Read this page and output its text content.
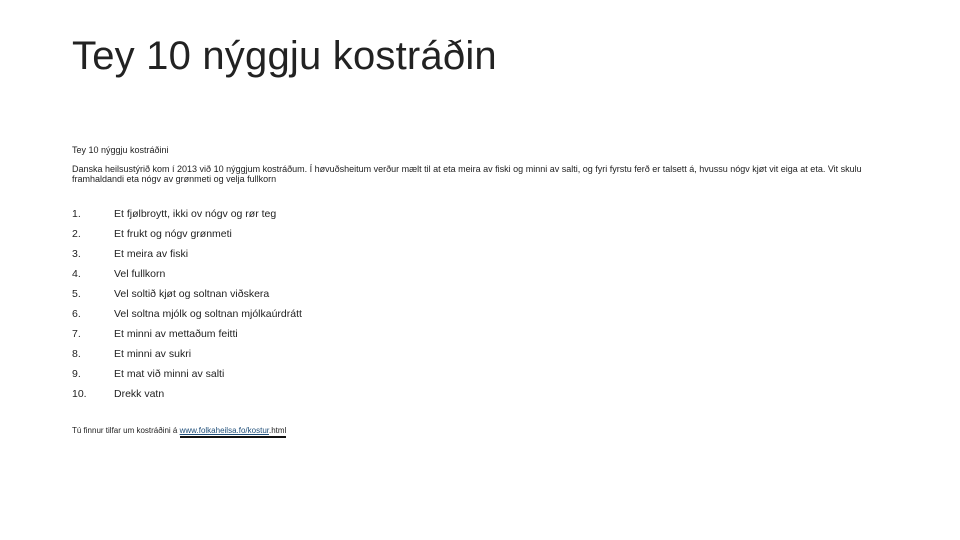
Tey 10 nýggju kostráðin
Tey 10 nýggju kostráðini
Danska heilsustýrið kom í 2013 við 10 nýggjum kostráðum. Í høvuðsheitum verður mælt til at eta meira av fiski og minni av salti, og fyri fyrstu ferð er talsett á, hvussu nógv kjøt vit eiga at eta. Vit skulu framhaldandi eta nógv av grønmeti og velja fullkorn
1.	Et fjølbroytt, ikki ov nógv og rør teg
2.	Et frukt og nógv grønmeti
3.	Et meira av fiski
4.	Vel fullkorn
5.	Vel soltið kjøt og soltnan viðskera
6.	Vel soltna mjólk og soltnan mjólkaúrdrátt
7.	Et minni av mettaðum feitti
8.	Et minni av sukri
9.	Et mat við minni av salti
10.	Drekk vatn
Tú finnur tilfar um kostráðini á www.folkaheilsa.fo/kostur.html
